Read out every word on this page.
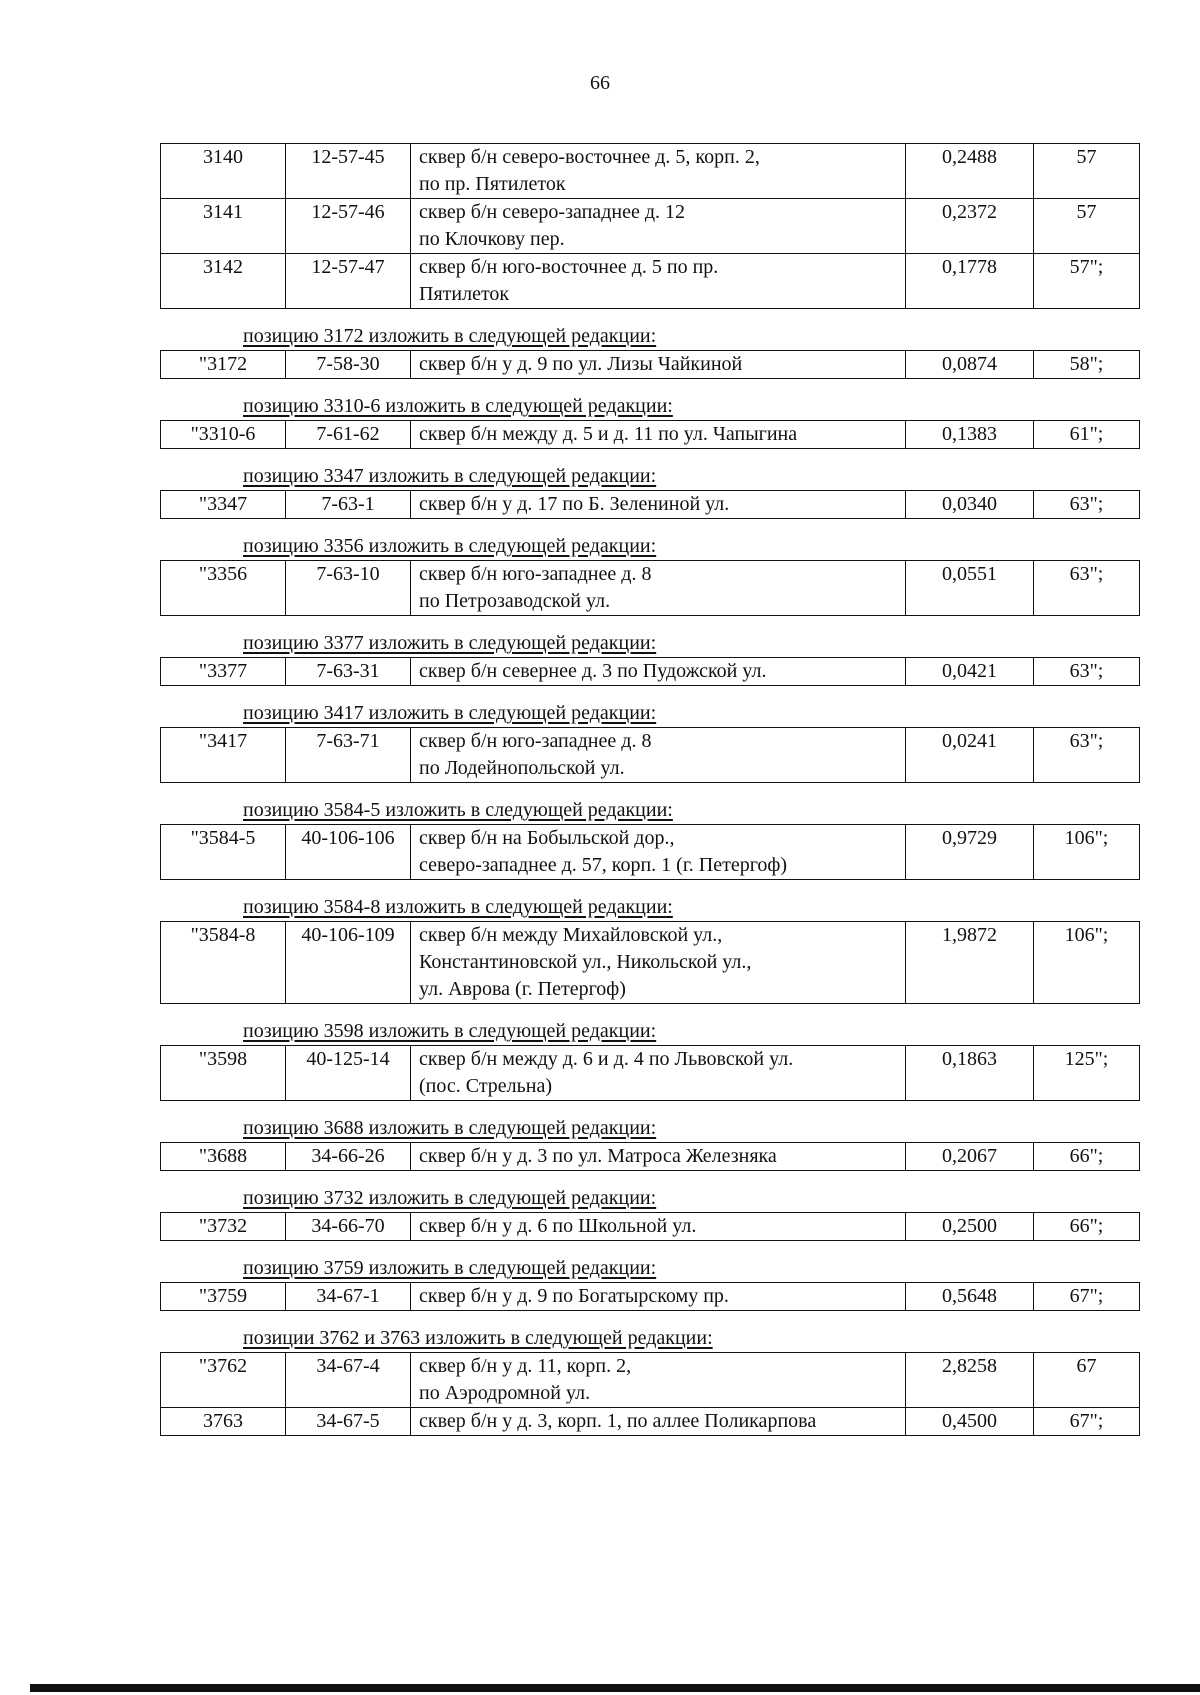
66
3140	12-57-45	сквер б/н северо-восточнее д. 5, корп. 2,
по пр. Пятилеток	0,2488	57
3141	12-57-46	сквер б/н северо-западнее д. 12
по Клочкову пер.	0,2372	57
3142	12-57-47	сквер б/н юго-восточнее д. 5 по пр.
Пятилеток	0,1778	57";
позицию 3172 изложить в следующей редакции:
"3172	7-58-30	сквер б/н у д. 9 по ул. Лизы Чайкиной	0,0874	58";
позицию 3310-6 изложить в следующей редакции:
"3310-6	7-61-62	сквер б/н между д. 5 и д. 11 по ул. Чапыгина	0,1383	61";
позицию 3347 изложить в следующей редакции:
"3347	7-63-1	сквер б/н у д. 17 по Б. Зелениной ул.	0,0340	63";
позицию 3356 изложить в следующей редакции:
"3356	7-63-10	сквер б/н юго-западнее д. 8
по Петрозаводской ул.
	0,0551	63";
позицию 3377 изложить в следующей редакции:
"3377	7-63-31	сквер б/н севернее д. 3 по Пудожской ул.	0,0421	63";
позицию 3417 изложить в следующей редакции:
"3417	7-63-71	сквер б/н юго-западнее д. 8
по Лодейнопольской ул.
	0,0241	63";
позицию 3584-5 изложить в следующей редакции:
"3584-5	40-106-106	сквер б/н на Бобыльской дор.,
северо-западнее д. 57, корп. 1 (г. Петергоф)
	0,9729	106";
позицию 3584-8 изложить в следующей редакции:
"3584-8	40-106-109	сквер б/н между Михайловской ул.,
Константиновской ул., Никольской ул.,
ул. Аврова (г. Петергоф)
	1,9872	106";
позицию 3598 изложить в следующей редакции:
"3598	40-125-14	сквер б/н между д. 6 и д. 4 по Львовской ул.
(пос. Стрельна)
	0,1863	125";
позицию 3688 изложить в следующей редакции:
"3688	34-66-26	сквер б/н у д. 3 по ул. Матроса Железняка	0,2067	66";
позицию 3732 изложить в следующей редакции:
"3732	34-66-70	сквер б/н у д. 6 по Школьной ул.	0,2500	66";
позицию 3759 изложить в следующей редакции:
"3759	34-67-1	сквер б/н у д. 9 по Богатырскому пр.	0,5648	67";
позиции 3762 и 3763 изложить в следующей редакции:
"3762	34-67-4	сквер б/н у д. 11, корп. 2,
по Аэродромной ул.	2,8258	67
3763	34-67-5	сквер б/н у д. 3, корп. 1, по аллее Поликарпова	0,4500	67";
